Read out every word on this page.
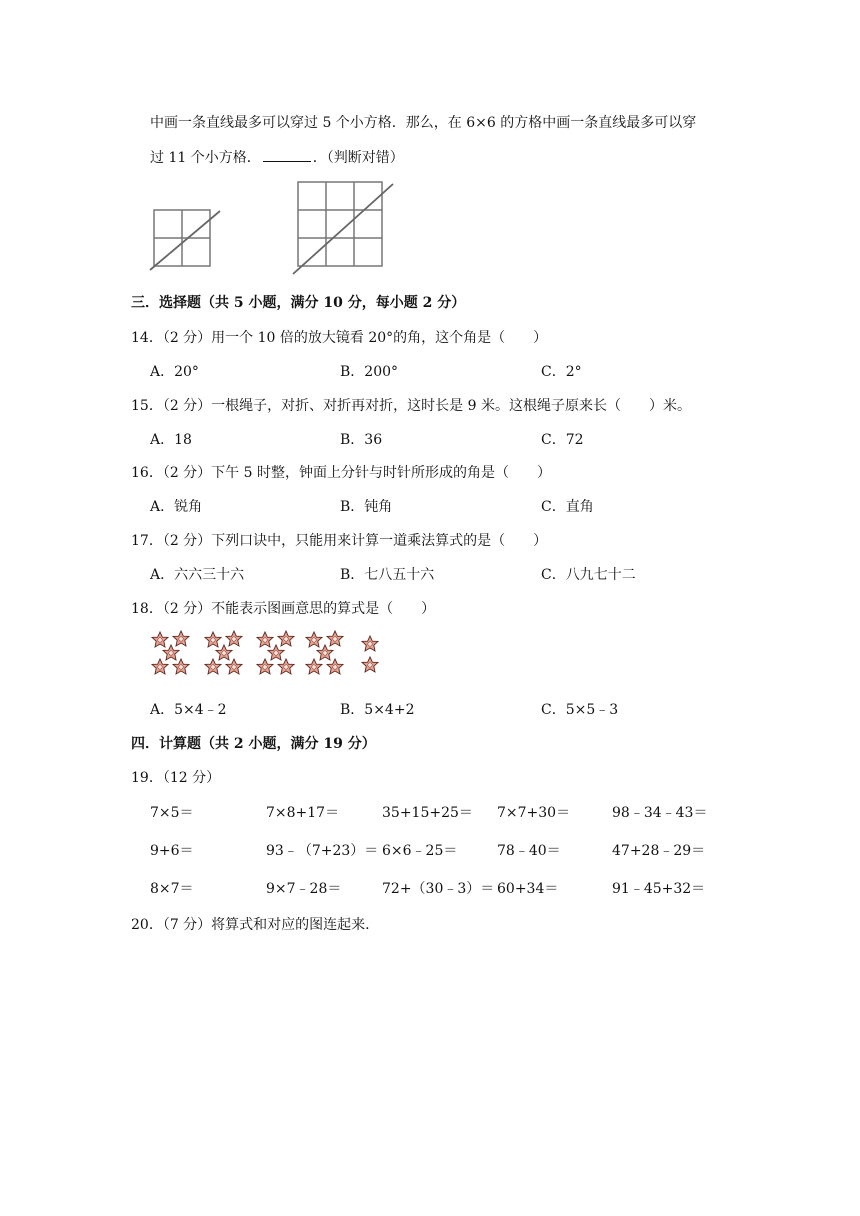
中画一条直线最多可以穿过 5 个小方格．那么，在 6×6 的方格中画一条直线最多可以穿
过 11 个小方格．	．（判断对错）
三．选择题（共 5 小题，满分 10 分，每小题 2 分）
14．（2 分）用一个 10 倍的放大镜看 20°的角，这个角是（　　）
A．20°	B．200°	C．2°
15．（2 分）一根绳子，对折、对折再对折，这时长是 9 米。这根绳子原来长（　　）米。
A．18	B．36	C．72
16．（2 分）下午 5 时整，钟面上分针与时针所形成的角是（　　）
A．锐角	B．钝角	C．直角
17．（2 分）下列口诀中，只能用来计算一道乘法算式的是（　　）
A．六六三十六	B．七八五十六	C．八九七十二
18．（2 分）不能表示图画意思的算式是（　　）
A．5×4﹣2	B．5×4+2	C．5×5﹣3
四．计算题（共 2 小题，满分 19 分）
19．（12 分）
7×5＝	7×8+17＝	35+15+25＝ 7×7+30＝	98﹣34﹣43＝
9+6＝	93﹣（7+23）＝ 6×6﹣25＝	78﹣40＝	47+28﹣29＝
8×7＝	9×7﹣28＝	72+（30﹣3）＝ 60+34＝	91﹣45+32＝
20．（7 分）将算式和对应的图连起来.
